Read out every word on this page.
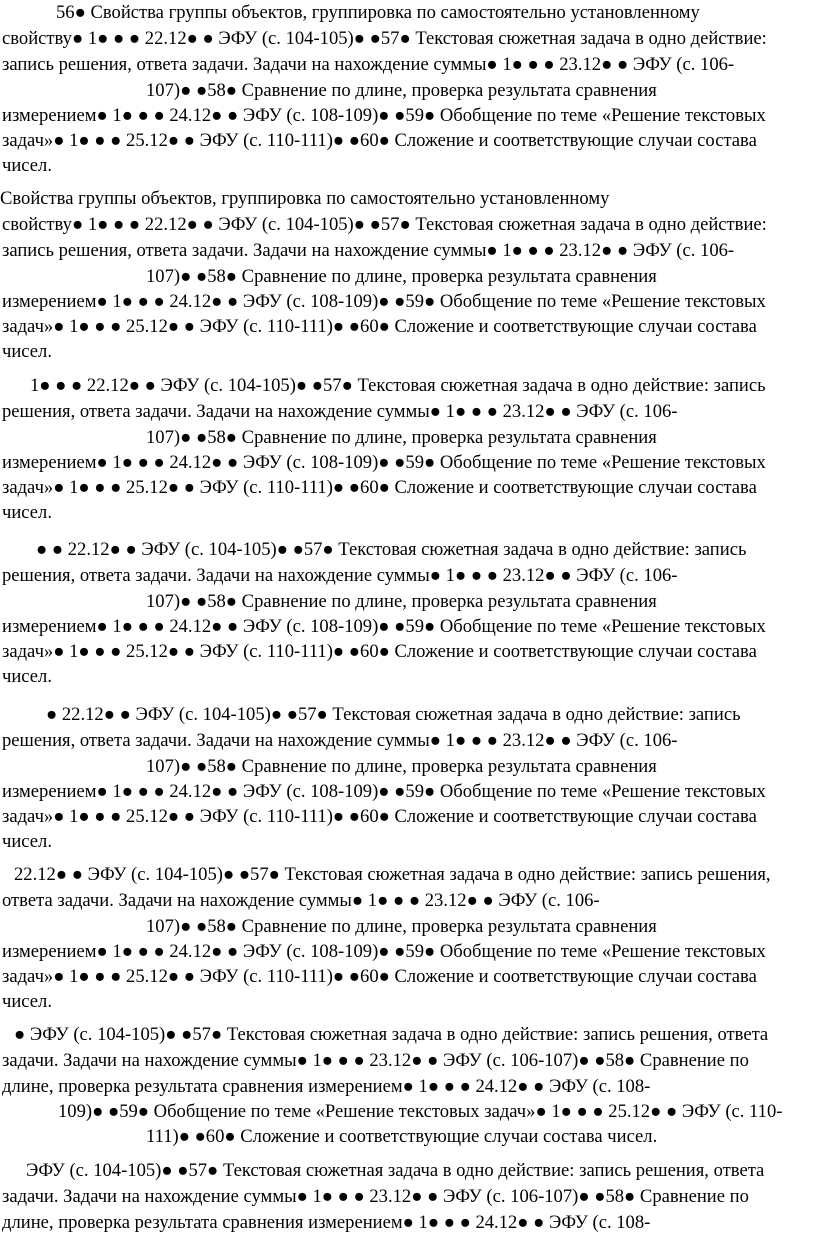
56● Свойства группы объектов, группировка по самостоятельно установленному
свойству● 1● ● ● 22.12● ● ЭФУ (с. 104-105)● ●57● Текстовая сюжетная задача в одно действие:
запись решения, ответа задачи. Задачи на нахождение суммы● 1● ● ● 23.12● ● ЭФУ (с. 106-
107)● ●58● Сравнение по длине, проверка результата сравнения
измерением● 1● ● ● 24.12● ● ЭФУ (с. 108-109)● ●59● Обобщение по теме «Решение текстовых
задач»● 1● ● ● 25.12● ● ЭФУ (с. 110-111)● ●60● Сложение и соответствующие случаи состава
чисел.
Свойства группы объектов, группировка по самостоятельно установленному
свойству● 1● ● ● 22.12● ● ЭФУ (с. 104-105)● ●57● Текстовая сюжетная задача в одно действие:
запись решения, ответа задачи. Задачи на нахождение суммы● 1● ● ● 23.12● ● ЭФУ (с. 106-
107)● ●58● Сравнение по длине, проверка результата сравнения
измерением● 1● ● ● 24.12● ● ЭФУ (с. 108-109)● ●59● Обобщение по теме «Решение текстовых
задач»● 1● ● ● 25.12● ● ЭФУ (с. 110-111)● ●60● Сложение и соответствующие случаи состава
чисел.
1● ● ● 22.12● ● ЭФУ (с. 104-105)● ●57● Текстовая сюжетная задача в одно действие: запись
решения, ответа задачи. Задачи на нахождение суммы● 1● ● ● 23.12● ● ЭФУ (с. 106-
107)● ●58● Сравнение по длине, проверка результата сравнения
измерением● 1● ● ● 24.12● ● ЭФУ (с. 108-109)● ●59● Обобщение по теме «Решение текстовых
задач»● 1● ● ● 25.12● ● ЭФУ (с. 110-111)● ●60● Сложение и соответствующие случаи состава
чисел.
● ● 22.12● ● ЭФУ (с. 104-105)● ●57● Текстовая сюжетная задача в одно действие: запись
решения, ответа задачи. Задачи на нахождение суммы● 1● ● ● 23.12● ● ЭФУ (с. 106-
107)● ●58● Сравнение по длине, проверка результата сравнения
измерением● 1● ● ● 24.12● ● ЭФУ (с. 108-109)● ●59● Обобщение по теме «Решение текстовых
задач»● 1● ● ● 25.12● ● ЭФУ (с. 110-111)● ●60● Сложение и соответствующие случаи состава
чисел.
● 22.12● ● ЭФУ (с. 104-105)● ●57● Текстовая сюжетная задача в одно действие: запись
решения, ответа задачи. Задачи на нахождение суммы● 1● ● ● 23.12● ● ЭФУ (с. 106-
107)● ●58● Сравнение по длине, проверка результата сравнения
измерением● 1● ● ● 24.12● ● ЭФУ (с. 108-109)● ●59● Обобщение по теме «Решение текстовых
задач»● 1● ● ● 25.12● ● ЭФУ (с. 110-111)● ●60● Сложение и соответствующие случаи состава
чисел.
22.12● ● ЭФУ (с. 104-105)● ●57● Текстовая сюжетная задача в одно действие: запись решения,
ответа задачи. Задачи на нахождение суммы● 1● ● ● 23.12● ● ЭФУ (с. 106-
107)● ●58● Сравнение по длине, проверка результата сравнения
измерением● 1● ● ● 24.12● ● ЭФУ (с. 108-109)● ●59● Обобщение по теме «Решение текстовых
задач»● 1● ● ● 25.12● ● ЭФУ (с. 110-111)● ●60● Сложение и соответствующие случаи состава
чисел.
● ЭФУ (с. 104-105)● ●57● Текстовая сюжетная задача в одно действие: запись решения, ответа
задачи. Задачи на нахождение суммы● 1● ● ● 23.12● ● ЭФУ (с. 106-107)● ●58● Сравнение по
длине, проверка результата сравнения измерением● 1● ● ● 24.12● ● ЭФУ (с. 108-
109)● ●59● Обобщение по теме «Решение текстовых задач»● 1● ● ● 25.12● ● ЭФУ (с. 110-
111)● ●60● Сложение и соответствующие случаи состава чисел.
ЭФУ (с. 104-105)● ●57● Текстовая сюжетная задача в одно действие: запись решения, ответа
задачи. Задачи на нахождение суммы● 1● ● ● 23.12● ● ЭФУ (с. 106-107)● ●58● Сравнение по
длине, проверка результата сравнения измерением● 1● ● ● 24.12● ● ЭФУ (с. 108-
